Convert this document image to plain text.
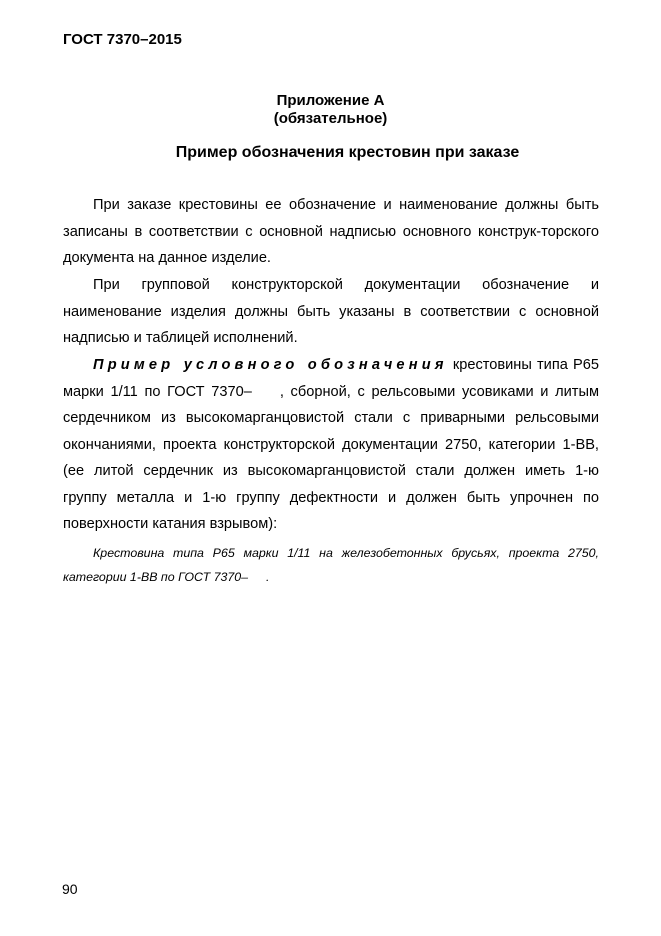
ГОСТ 7370–2015
Приложение А
(обязательное)
Пример обозначения крестовин при заказе

При заказе крестовины ее обозначение и наименование должны быть записаны в соответствии с основной надписью основного конструк-торского документа на данное изделие.

При групповой конструкторской документации обозначение и наименование изделия должны быть указаны в соответствии с основной надписью и таблицей исполнений.

Пример условного обозначения крестовины типа Р65 марки 1/11 по ГОСТ 7370– , сборной, с рельсовыми усовиками и литым сердечником из высокомарганцовистой стали с приварными рельсовыми окончаниями, проекта конструкторской документации 2750, категории 1-ВВ, (ее литой сердечник из высокомарганцовистой стали должен иметь 1-ю группу металла и 1-ю группу дефектности и должен быть упрочнен по поверхности катания взрывом):

Крестовина типа Р65 марки 1/11 на железобетонных брусьях, проекта 2750, категории 1-ВВ по ГОСТ 7370– .
90
